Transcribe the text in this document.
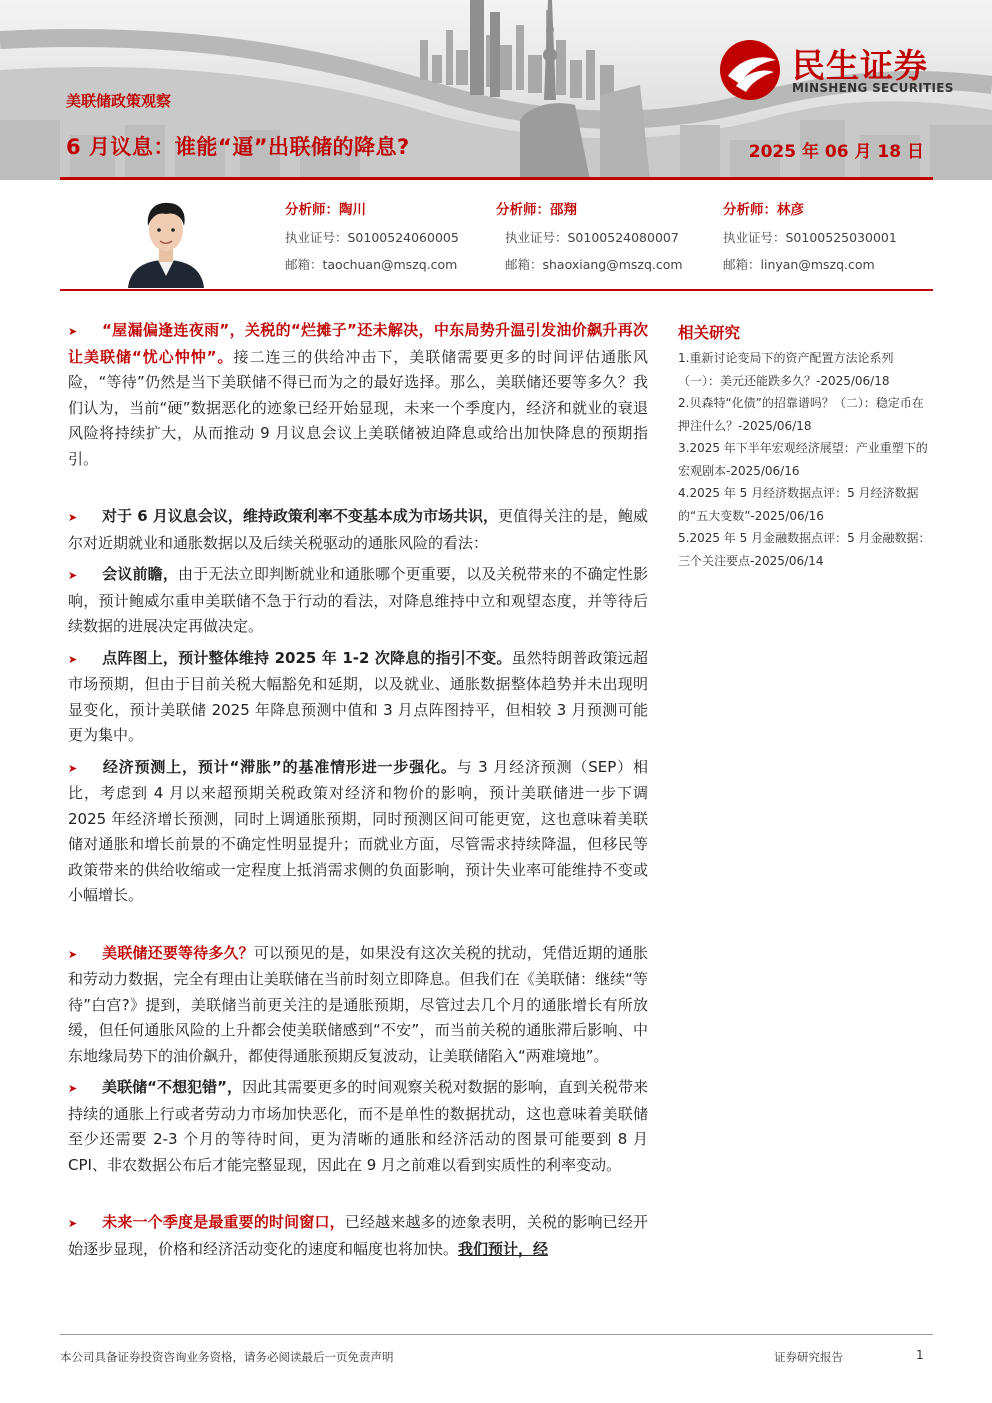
民生证券
MINSHENG SECURITIES
美联储政策观察
6 月议息：谁能“逼”出联储的降息?	2025 年 06 月 18 日
分析师：陶川
执业证号：S0100524060005
邮箱：taochuan@mszq.com
分析师：邵翔
执业证号：S0100524080007
邮箱：shaoxiang@mszq.com
分析师：林彦
执业证号：S0100525030001
邮箱：linyan@mszq.com

➤ “屋漏偏逢连夜雨”，关税的“烂摊子”还未解决，中东局势升温引发油价飙升再次让美联储“忧心忡忡”。接二连三的供给冲击下，美联储需要更多的时间评估通胀风险，“等待”仍然是当下美联储不得已而为之的最好选择。那么，美联储还要等多久？我们认为，当前“硬”数据恶化的迹象已经开始显现，未来一个季度内，经济和就业的衰退风险将持续扩大，从而推动 9 月议息会议上美联储被迫降息或给出加快降息的预期指引。

➤ 对于 6 月议息会议，维持政策利率不变基本成为市场共识，更值得关注的是，鲍威尔对近期就业和通胀数据以及后续关税驱动的通胀风险的看法：

➤ 会议前瞻，由于无法立即判断就业和通胀哪个更重要，以及关税带来的不确定性影响，预计鲍威尔重申美联储不急于行动的看法，对降息维持中立和观望态度，并等待后续数据的进展决定再做决定。

➤ 点阵图上，预计整体维持 2025 年 1-2 次降息的指引不变。虽然特朗普政策远超市场预期，但由于目前关税大幅豁免和延期，以及就业、通胀数据整体趋势并未出现明显变化，预计美联储 2025 年降息预测中值和 3 月点阵图持平，但相较 3 月预测可能更为集中。

➤ 经济预测上，预计“滞胀”的基准情形进一步强化。与 3 月经济预测（SEP）相比，考虑到 4 月以来超预期关税政策对经济和物价的影响，预计美联储进一步下调 2025 年经济增长预测，同时上调通胀预期，同时预测区间可能更宽，这也意味着美联储对通胀和增长前景的不确定性明显提升；而就业方面，尽管需求持续降温，但移民等政策带来的供给收缩或一定程度上抵消需求侧的负面影响，预计失业率可能维持不变或小幅增长。

➤ 美联储还要等待多久？可以预见的是，如果没有这次关税的扰动，凭借近期的通胀和劳动力数据，完全有理由让美联储在当前时刻立即降息。但我们在《美联储：继续“等待”白宫?》提到，美联储当前更关注的是通胀预期，尽管过去几个月的通胀增长有所放缓，但任何通胀风险的上升都会使美联储感到“不安”，而当前关税的通胀滞后影响、中东地缘局势下的油价飙升，都使得通胀预期反复波动，让美联储陷入“两难境地”。

➤ 美联储“不想犯错”，因此其需要更多的时间观察关税对数据的影响，直到关税带来持续的通胀上行或者劳动力市场加快恶化，而不是单性的数据扰动，这也意味着美联储至少还需要 2-3 个月的等待时间，更为清晰的通胀和经济活动的图景可能要到 8 月 CPI、非农数据公布后才能完整显现，因此在 9 月之前难以看到实质性的利率变动。

➤ 未来一个季度是最重要的时间窗口，已经越来越多的迹象表明，关税的影响已经开始逐步显现，价格和经济活动变化的速度和幅度也将加快。我们预计，经

相关研究
1.重新讨论变局下的资产配置方法论系列（一）：美元还能跌多久？-2025/06/18
2.贝森特“化债”的招靠谱吗？（二）：稳定币在押注什么？-2025/06/18
3.2025 年下半年宏观经济展望：产业重塑下的宏观剧本-2025/06/16
4.2025 年 5 月经济数据点评：5 月经济数据的“五大变数”-2025/06/16
5.2025 年 5 月金融数据点评：5 月金融数据：三个关注要点-2025/06/14
本公司具备证券投资咨询业务资格，请务必阅读最后一页免责声明	证券研究报告	1
